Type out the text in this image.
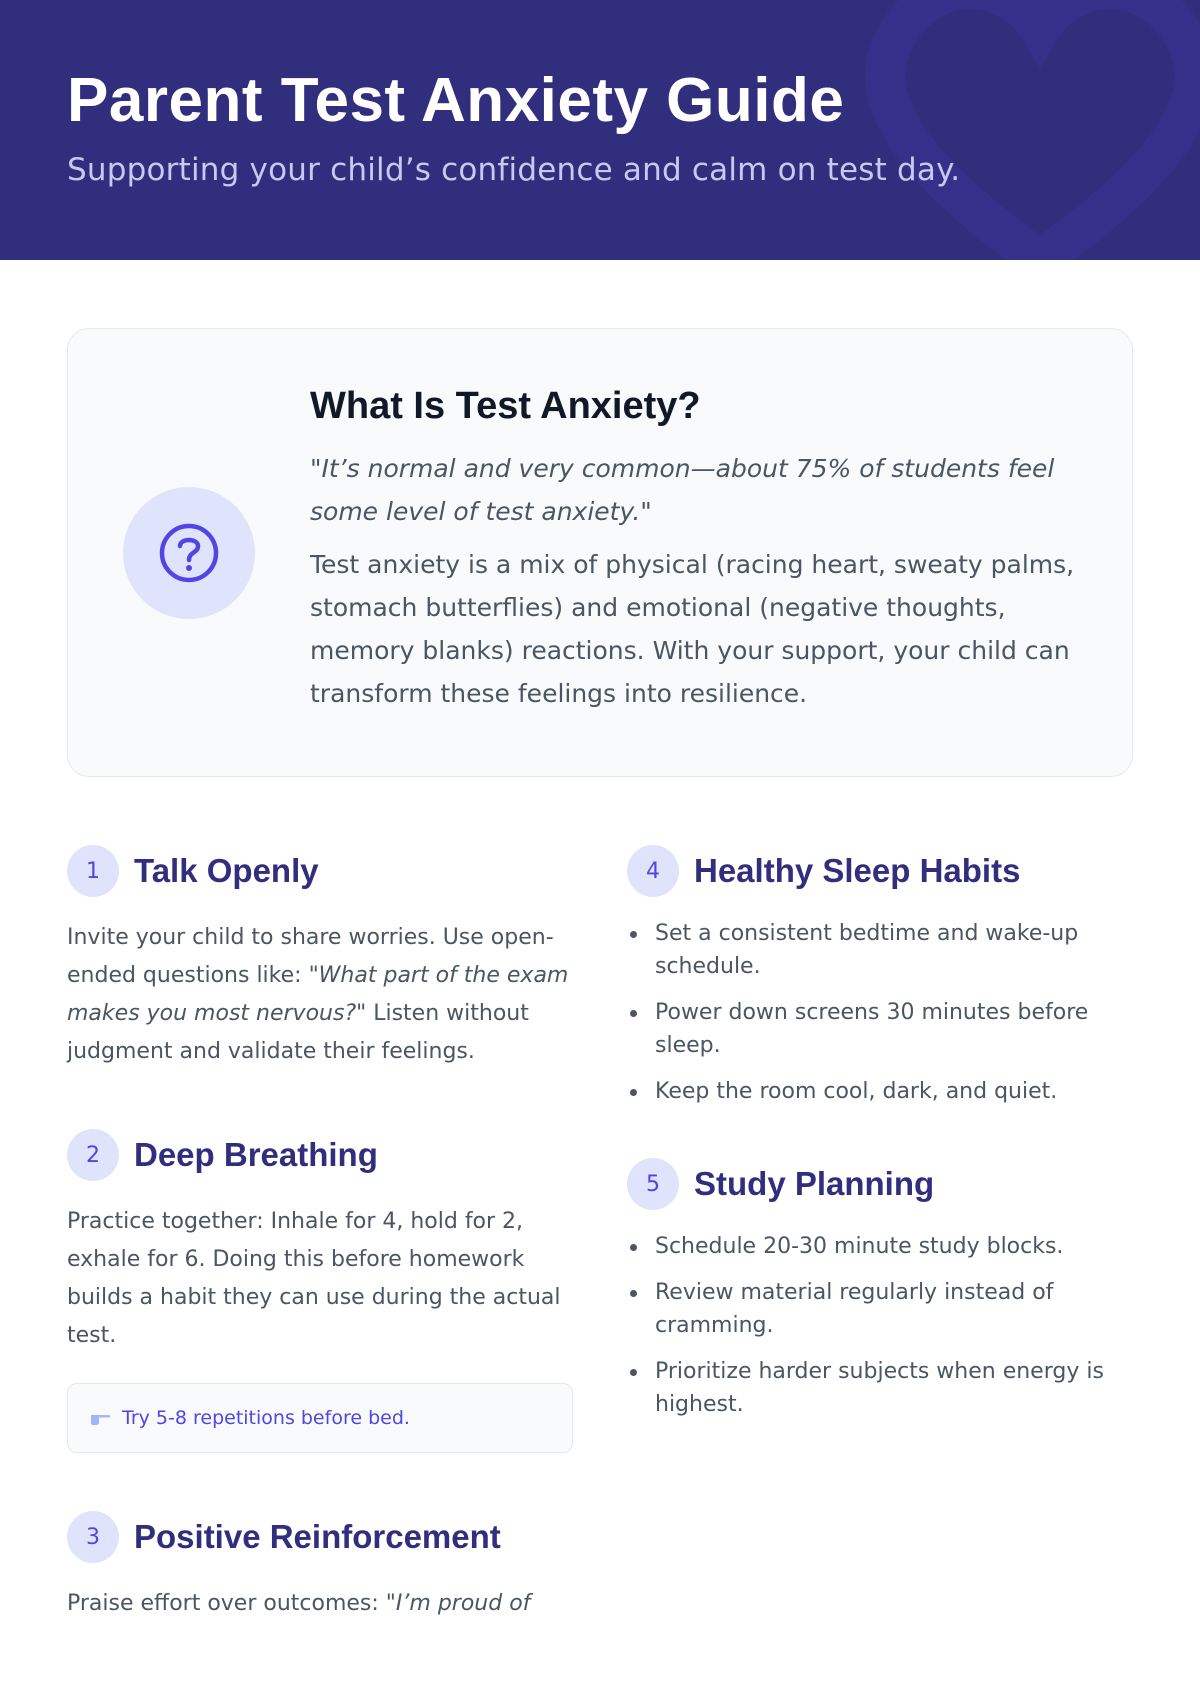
Parent Test Anxiety Guide

Supporting your child’s confidence and calm on test day.

What Is Test Anxiety?

"It’s normal and very common—about 75% of students feel some level of test anxiety."

Test anxiety is a mix of physical (racing heart, sweaty palms, stomach butterflies) and emotional (negative thoughts, memory blanks) reactions. With your support, your child can transform these feelings into resilience.

1	Talk Openly

Invite your child to share worries. Use open-ended questions like: "What part of the exam makes you most nervous?" Listen without judgment and validate their feelings.

2	Deep Breathing

Practice together: Inhale for 4, hold for 2, exhale for 6. Doing this before homework builds a habit they can use during the actual test.

Try 5-8 repetitions before bed.
3	Positive Reinforcement

Praise effort over outcomes: "I’m proud of

4	Healthy Sleep Habits
Set a consistent bedtime and wake-up schedule.
Power down screens 30 minutes before sleep.
Keep the room cool, dark, and quiet.
5	Study Planning
Schedule 20-30 minute study blocks.
Review material regularly instead of cramming.
Prioritize harder subjects when energy is highest.
